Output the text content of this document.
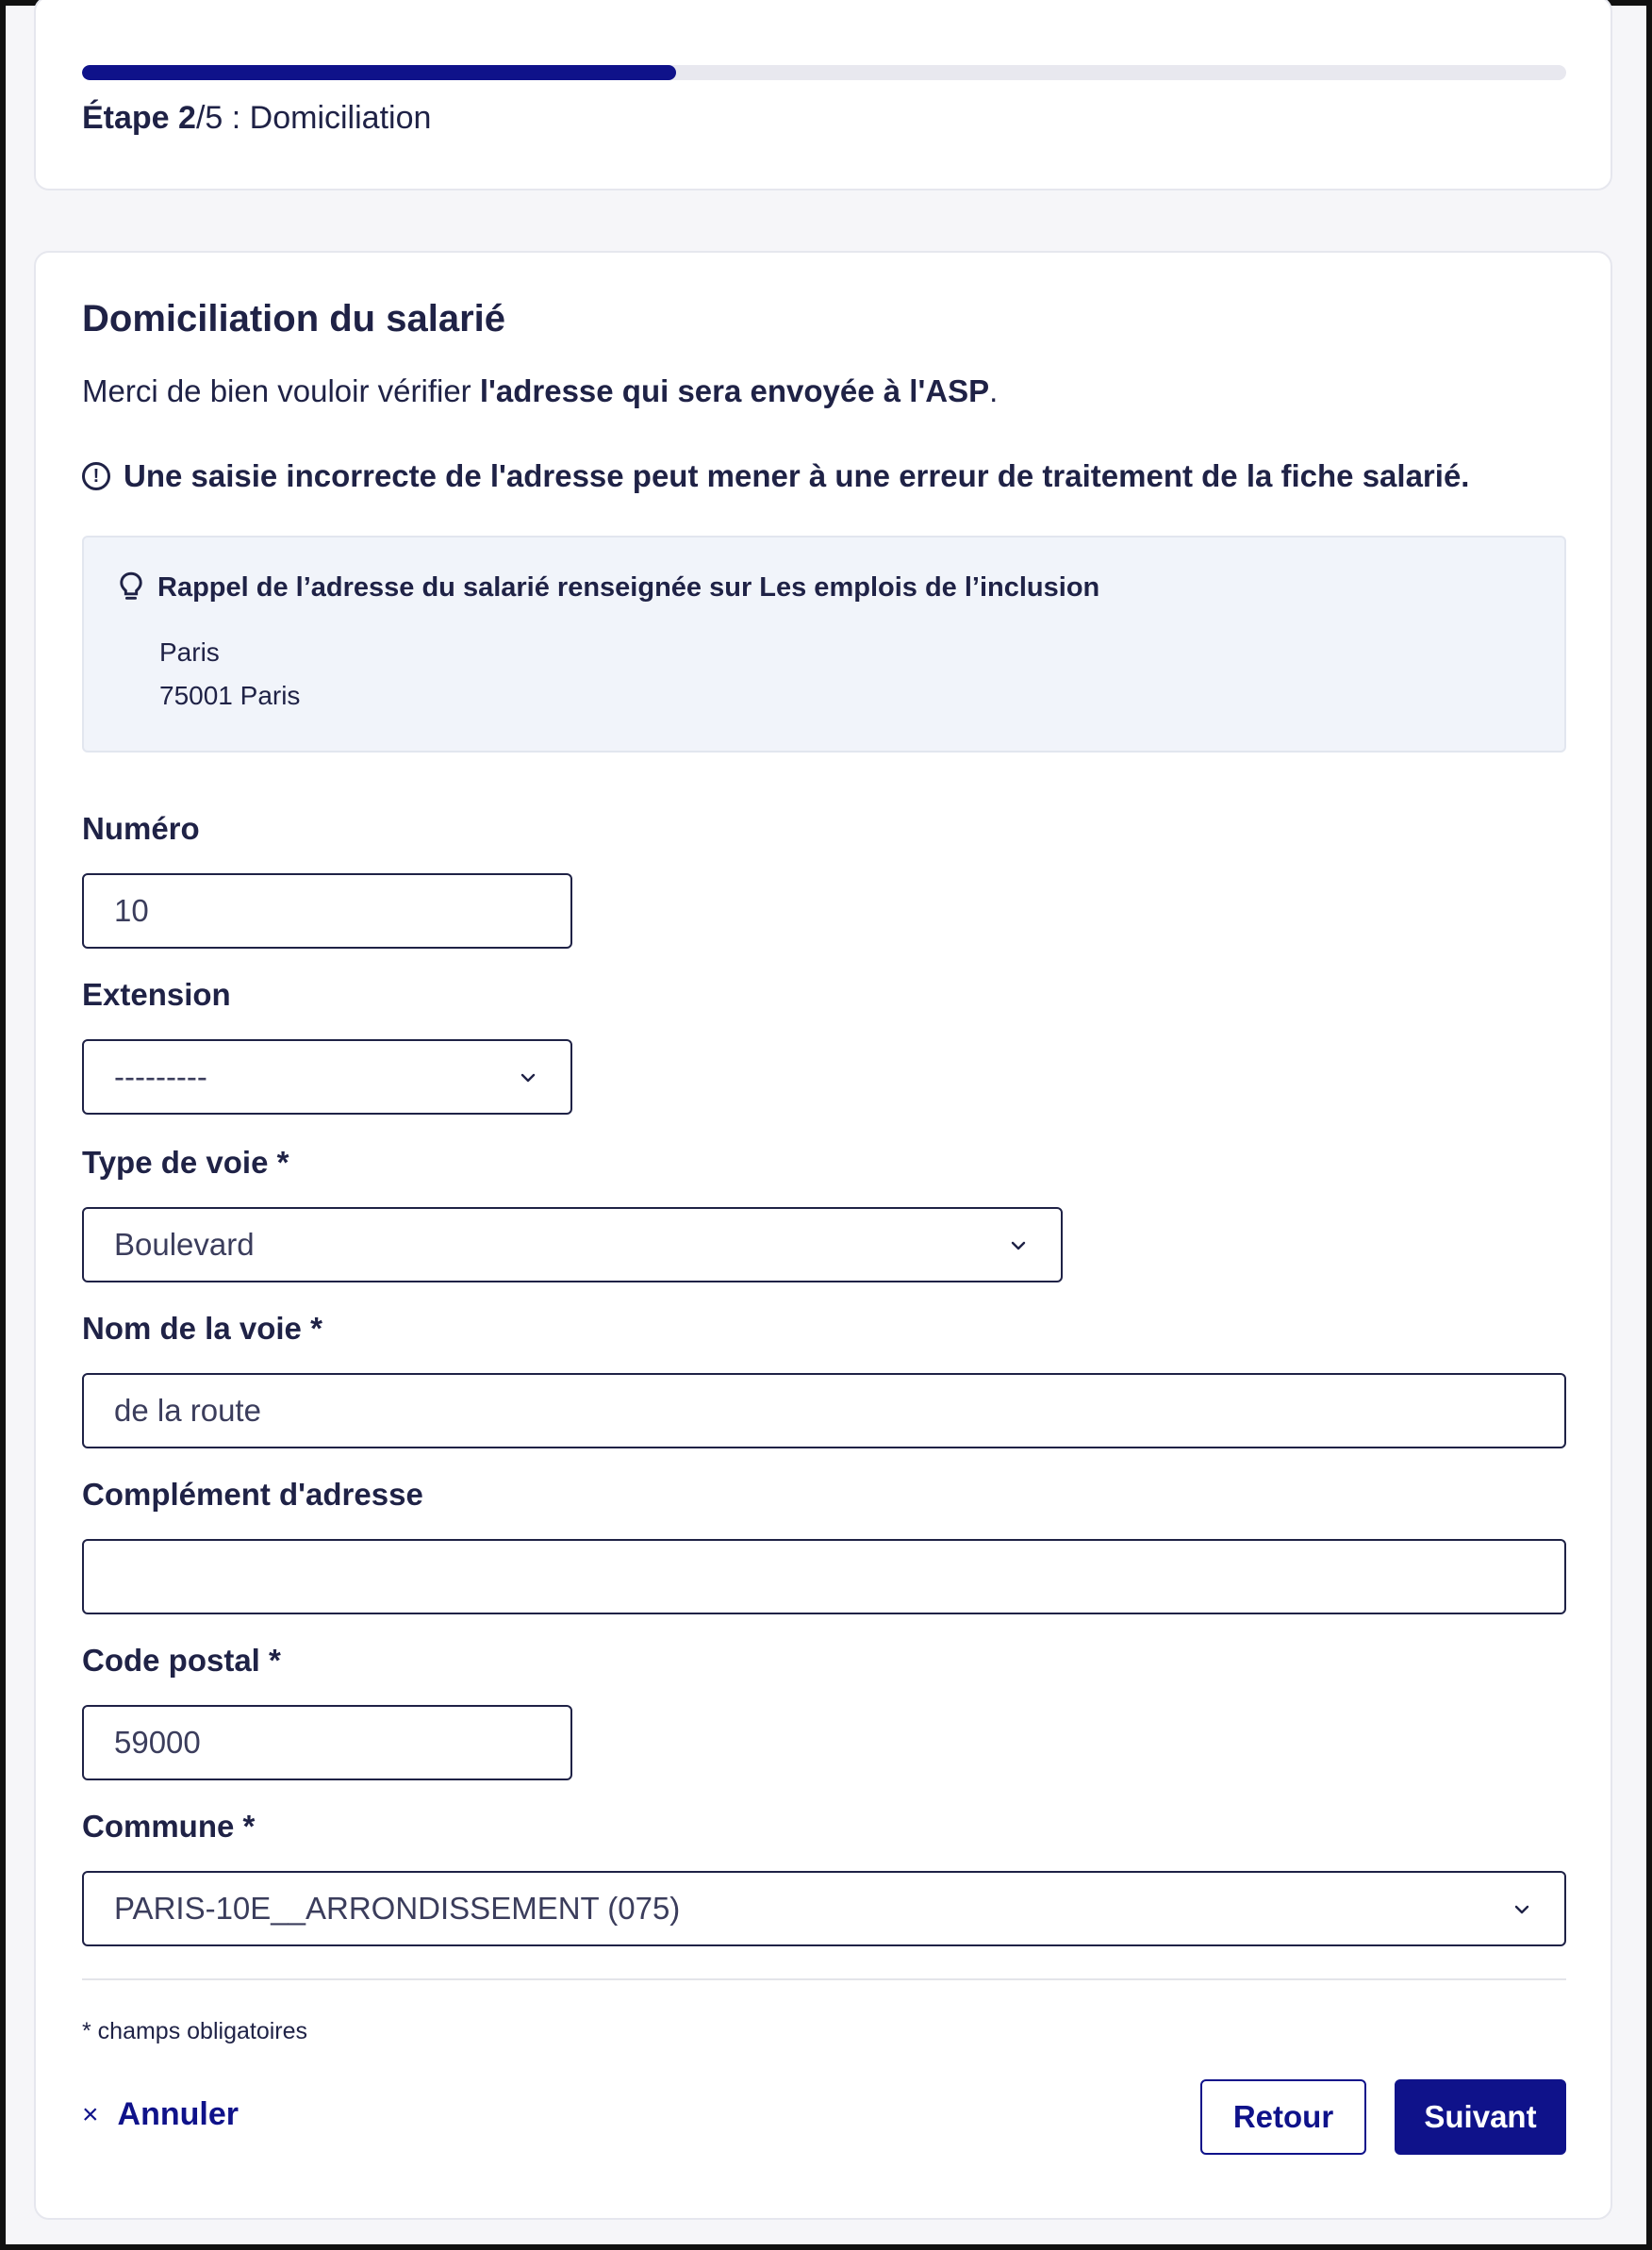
Étape 2/5 : Domiciliation
Domiciliation du salarié
Merci de bien vouloir vérifier l'adresse qui sera envoyée à l'ASP.
! Une saisie incorrecte de l'adresse peut mener à une erreur de traitement de la fiche salarié.
Rappel de l’adresse du salarié renseignée sur Les emplois de l’inclusion
Paris
75001 Paris
Numéro
10
Extension
---------
Type de voie *
Boulevard
Nom de la voie *
de la route
Complément d'adresse
Code postal *
59000
Commune *
PARIS-10E__ARRONDISSEMENT (075)
* champs obligatoires
× Annuler	Retour	Suivant
